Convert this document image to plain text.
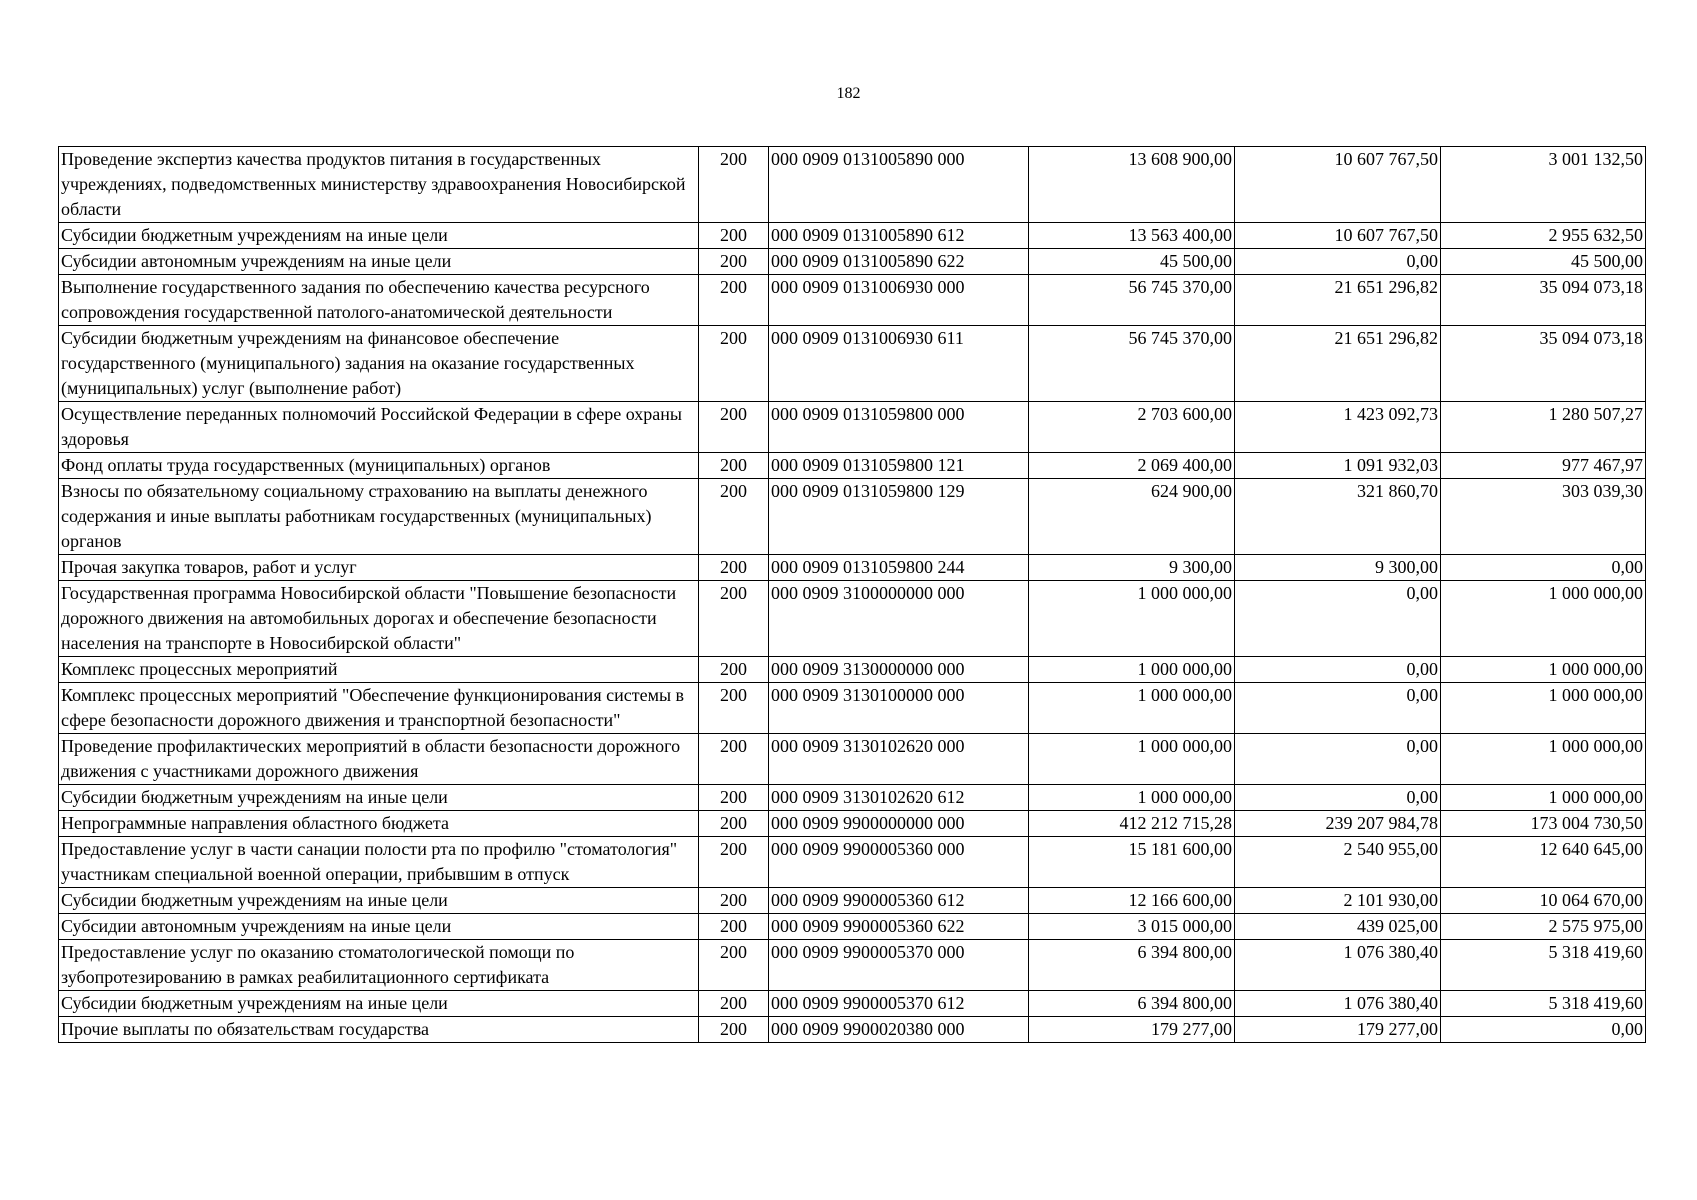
182
Проведение экспертиз качества продуктов питания в государственных учреждениях, подведомственных министерству здравоохранения Новосибирской области	200	000 0909 0131005890 000	13 608 900,00	10 607 767,50	3 001 132,50
Субсидии бюджетным учреждениям на иные цели	200	000 0909 0131005890 612	13 563 400,00	10 607 767,50	2 955 632,50
Субсидии автономным учреждениям на иные цели	200	000 0909 0131005890 622	45 500,00	0,00	45 500,00
Выполнение государственного задания по обеспечению качества ресурсного сопровождения государственной патолого-анатомической деятельности	200	000 0909 0131006930 000	56 745 370,00	21 651 296,82	35 094 073,18
Субсидии бюджетным учреждениям на финансовое обеспечение государственного (муниципального) задания на оказание государственных (муниципальных) услуг (выполнение работ)	200	000 0909 0131006930 611	56 745 370,00	21 651 296,82	35 094 073,18
Осуществление переданных полномочий Российской Федерации в сфере охраны здоровья	200	000 0909 0131059800 000	2 703 600,00	1 423 092,73	1 280 507,27
Фонд оплаты труда государственных (муниципальных) органов	200	000 0909 0131059800 121	2 069 400,00	1 091 932,03	977 467,97
Взносы по обязательному социальному страхованию на выплаты денежного содержания и иные выплаты работникам государственных (муниципальных) органов	200	000 0909 0131059800 129	624 900,00	321 860,70	303 039,30
Прочая закупка товаров, работ и услуг	200	000 0909 0131059800 244	9 300,00	9 300,00	0,00
Государственная программа Новосибирской области "Повышение безопасности дорожного движения на автомобильных дорогах и обеспечение безопасности населения на транспорте в Новосибирской области"	200	000 0909 3100000000 000	1 000 000,00	0,00	1 000 000,00
Комплекс процессных мероприятий	200	000 0909 3130000000 000	1 000 000,00	0,00	1 000 000,00
Комплекс процессных мероприятий "Обеспечение функционирования системы в сфере безопасности дорожного движения и транспортной безопасности"	200	000 0909 3130100000 000	1 000 000,00	0,00	1 000 000,00
Проведение профилактических мероприятий в области безопасности дорожного движения с участниками дорожного движения	200	000 0909 3130102620 000	1 000 000,00	0,00	1 000 000,00
Субсидии бюджетным учреждениям на иные цели	200	000 0909 3130102620 612	1 000 000,00	0,00	1 000 000,00
Непрограммные направления областного бюджета	200	000 0909 9900000000 000	412 212 715,28	239 207 984,78	173 004 730,50
Предоставление услуг в части санации полости рта по профилю "стоматология" участникам специальной военной операции, прибывшим в отпуск	200	000 0909 9900005360 000	15 181 600,00	2 540 955,00	12 640 645,00
Субсидии бюджетным учреждениям на иные цели	200	000 0909 9900005360 612	12 166 600,00	2 101 930,00	10 064 670,00
Субсидии автономным учреждениям на иные цели	200	000 0909 9900005360 622	3 015 000,00	439 025,00	2 575 975,00
Предоставление услуг по оказанию стоматологической помощи по зубопротезированию в рамках реабилитационного сертификата	200	000 0909 9900005370 000	6 394 800,00	1 076 380,40	5 318 419,60
Субсидии бюджетным учреждениям на иные цели	200	000 0909 9900005370 612	6 394 800,00	1 076 380,40	5 318 419,60
Прочие выплаты по обязательствам государства	200	000 0909 9900020380 000	179 277,00	179 277,00	0,00
